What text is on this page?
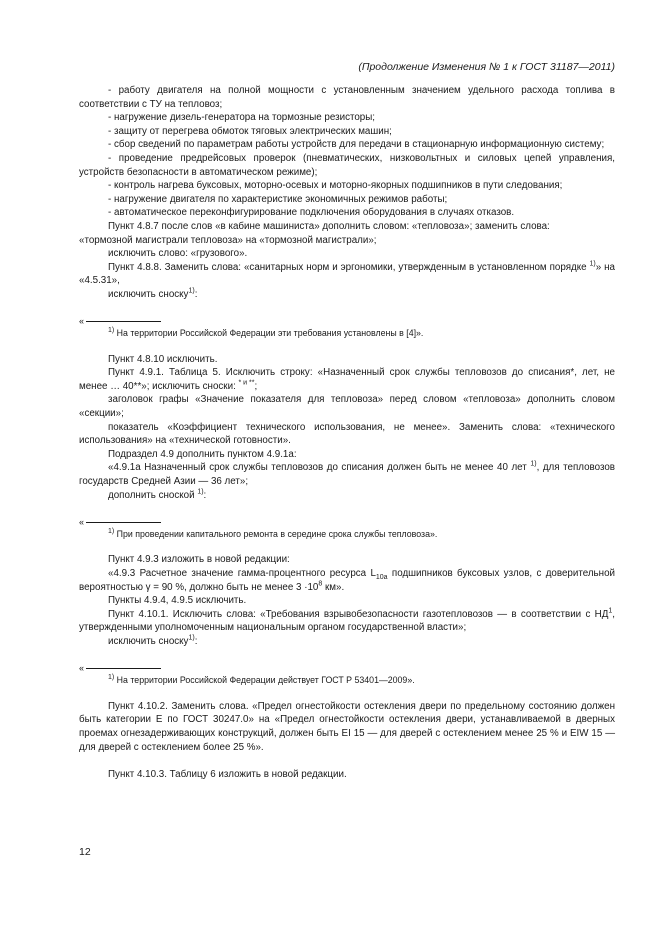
(Продолжение Изменения № 1 к ГОСТ 31187—2011)

- работу двигателя на полной мощности с установленным значением удельного расхода топлива в соответствии с ТУ на тепловоз;

- нагружение дизель-генератора на тормозные резисторы;

- защиту от перегрева обмоток тяговых электрических машин;

- сбор сведений по параметрам работы устройств для передачи в стационарную информационную систему;

- проведение предрейсовых проверок (пневматических, низковольтных и силовых цепей управления, устройств безопасности в автоматическом режиме);

- контроль нагрева буксовых, моторно-осевых и моторно-якорных подшипников в пути следования;

- нагружение двигателя по характеристике экономичных режимов работы;

- автоматическое переконфигурирование подключения оборудования в случаях отказов.

Пункт 4.8.7 после слов «в кабине машиниста» дополнить словом: «тепловоза»; заменить слова:

«тормозной магистрали тепловоза» на «тормозной магистрали»;

исключить слово: «грузового».

Пункт 4.8.8. Заменить слова: «санитарных норм и эргономики, утвержденным в установленном порядке $^{1)}$» на «4.5.31»,

исключить сноску$^{1)}$:

«

$^{1)}$ На территории Российской Федерации эти требования установлены в [4]».

Пункт 4.8.10 исключить.

Пункт 4.9.1. Таблица 5. Исключить строку: «Назначенный срок службы тепловозов до списания*, лет, не менее … 40**»; исключить сноски: $^{* и **}$;

заголовок графы «Значение показателя для тепловоза» перед словом «тепловоза» дополнить словом «секции»;

показатель «Коэффициент технического использования, не менее». Заменить слова: «технического использования» на «технической готовности».

Подраздел 4.9 дополнить пунктом 4.9.1а:

«4.9.1а Назначенный срок службы тепловозов до списания должен быть не менее 40 лет $^{1)}$, для тепловозов государств Средней Азии — 36 лет»;

дополнить сноской $^{1)}$:

«

$^{1)}$ При проведении капитального ремонта в середине срока службы тепловоза».

Пункт 4.9.3 изложить в новой редакции:

«4.9.3 Расчетное значение гамма-процентного ресурса $L_{10a}$ подшипников буксовых узлов, с доверительной вероятностью γ = 90 %, должно быть не менее $3 \cdot 10^8$ км».

Пункты 4.9.4, 4.9.5 исключить.

Пункт 4.10.1. Исключить слова: «Требования взрывобезопасности газотепловозов — в соответствии с $НД^1$, утвержденными уполномоченным национальным органом государственной власти»;

исключить сноску$^{1)}$:

«

$^{1)}$ На территории Российской Федерации действует ГОСТ Р 53401—2009».

Пункт 4.10.2. Заменить слова. «Предел огнестойкости остекления двери по предельному состоянию должен быть категории Е по ГОСТ 30247.0» на «Предел огнестойкости остекления двери, устанавливаемой в дверных проемах огнезадерживающих конструкций, должен быть EI 15 — для дверей с остеклением менее 25 % и EIW 15 — для дверей с остеклением более 25 %».

Пункт 4.10.3. Таблицу 6 изложить в новой редакции.

12
